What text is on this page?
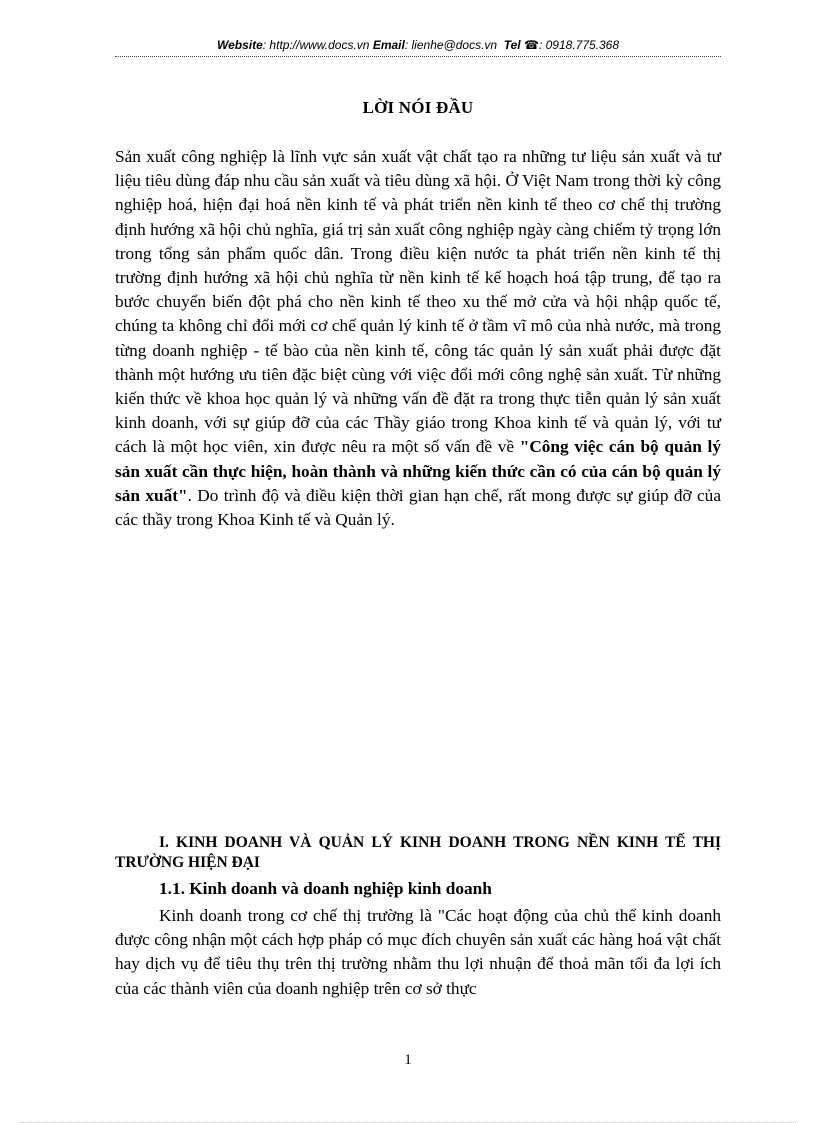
Website: http://www.docs.vn Email: lienhe@docs.vn Tel ☎: 0918.775.368
LỜI NÓI ĐẦU
Sản xuất công nghiệp là lĩnh vực sản xuất vật chất tạo ra những tư liệu sản xuất và tư liệu tiêu dùng đáp nhu cầu sản xuất và tiêu dùng xã hội. Ở Việt Nam trong thời kỳ công nghiệp hoá, hiện đại hoá nền kinh tế và phát triển nền kinh tế theo cơ chế thị trường định hướng xã hội chủ nghĩa, giá trị sản xuất công nghiệp ngày càng chiếm tỷ trọng lớn trong tổng sản phẩm quốc dân. Trong điều kiện nước ta phát triển nền kinh tế thị trường định hướng xã hội chủ nghĩa từ nền kinh tế kế hoạch hoá tập trung, để tạo ra bước chuyển biến đột phá cho nền kinh tế theo xu thế mở cửa và hội nhập quốc tế, chúng ta không chỉ đổi mới cơ chế quản lý kinh tế ở tầm vĩ mô của nhà nước, mà trong từng doanh nghiệp - tế bào của nền kinh tế, công tác quản lý sản xuất phải được đặt thành một hướng ưu tiên đặc biệt cùng với việc đổi mới công nghệ sản xuất. Từ những kiến thức về khoa học quản lý và những vấn đề đặt ra trong thực tiễn quản lý sản xuất kinh doanh, với sự giúp đỡ của các Thầy giáo trong Khoa kinh tế và quản lý, với tư cách là một học viên, xin được nêu ra một số vấn đề về "Công việc cán bộ quản lý sản xuất cần thực hiện, hoàn thành và những kiến thức cần có của cán bộ quản lý sản xuất". Do trình độ và điều kiện thời gian hạn chế, rất mong được sự giúp đỡ của các thầy trong Khoa Kinh tế và Quản lý.
I. KINH DOANH VÀ QUẢN LÝ KINH DOANH TRONG NỀN KINH TẾ THỊ TRƯỜNG HIỆN ĐẠI
1.1. Kinh doanh và doanh nghiệp kinh doanh
Kinh doanh trong cơ chế thị trường là "Các hoạt động của chủ thể kinh doanh được công nhận một cách hợp pháp có mục đích chuyên sản xuất các hàng hoá vật chất hay dịch vụ để tiêu thụ trên thị trường nhằm thu lợi nhuận để thoả mãn tối đa lợi ích của các thành viên của doanh nghiệp trên cơ sở thực
1
